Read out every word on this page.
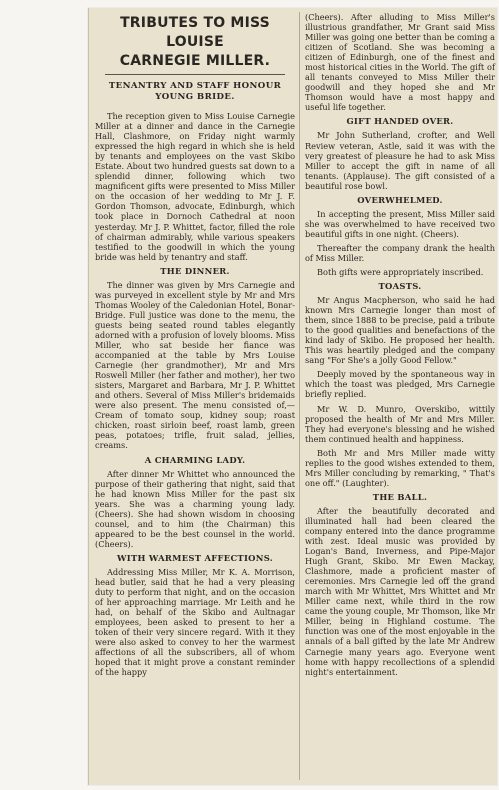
TRIBUTES TO MISS LOUISE
CARNEGIE MILLER.
TENANTRY AND STAFF HONOUR YOUNG BRIDE.

The reception given to Miss Louise Carnegie Miller at a dinner and dance in the Carnegie Hall, Clashmore, on Friday night warmly expressed the high regard in which she is held by tenants and employees on the vast Skibo Estate. About two hundred guests sat down to a splendid dinner, following which two magnificent gifts were presented to Miss Miller on the occasion of her wedding to Mr J. F. Gordon Thomson, advocate, Edinburgh, which took place in Dornoch Cathedral at noon yesterday. Mr J. P. Whittet, factor, filled the role of chairman admirably, while various speakers testified to the goodwill in which the young bride was held by tenantry and staff.

THE DINNER.

The dinner was given by Mrs Carnegie and was purveyed in excellent style by Mr and Mrs Thomas Wooley of the Caledonian Hotel, Bonar-Bridge. Full justice was done to the menu, the guests being seated round tables elegantly adorned with a profusion of lovely blooms. Miss Miller, who sat beside her fiance was accompanied at the table by Mrs Louise Carnegie (her grandmother), Mr and Mrs Roswell Miller (her father and mother), her two sisters, Margaret and Barbara, Mr J. P. Whittet and others. Several of Miss Miller's bridemaids were also present. The menu consisted of,—Cream of tomato soup, kidney soup; roast chicken, roast sirloin beef, roast lamb, green peas, potatoes; trifle, fruit salad, jellies, creams.

A CHARMING LADY.

After dinner Mr Whittet who announced the purpose of their gathering that night, said that he had known Miss Miller for the past six years. She was a charming young lady. (Cheers). She had shown wisdom in choosing counsel, and to him (the Chairman) this appeared to be the best counsel in the world. (Cheers).

WITH WARMEST AFFECTIONS.

Addressing Miss Miller, Mr K. A. Morrison, head butler, said that he had a very pleasing duty to perform that night, and on the occasion of her approaching marriage. Mr Leith and he had, on behalf of the Skibo and Aultnagar employees, been asked to present to her a token of their very sincere regard. With it they were also asked to convey to her the warmest affections of all the subscribers, all of whom hoped that it might prove a constant reminder of the happy

(Cheers). After alluding to Miss Miller's illustrious grandfather, Mr Grant said Miss Miller was going one better than be coming a citizen of Scotland. She was becoming a citizen of Edinburgh, one of the finest and most historical cities in the World. The gift of all tenants conveyed to Miss Miller their goodwill and they hoped she and Mr Thomson would have a most happy and useful life together.

GIFT HANDED OVER.

Mr John Sutherland, crofter, and Well Review veteran, Astle, said it was with the very greatest of pleasure he had to ask Miss Miller to accept the gift in name of all tenants. (Applause). The gift consisted of a beautiful rose bowl.

OVERWHELMED.

In accepting the present, Miss Miller said she was overwhelmed to have received two beautiful gifts in one night. (Cheers).

Thereafter the company drank the health of Miss Miller.

Both gifts were appropriately inscribed.

TOASTS.

Mr Angus Macpherson, who said he had known Mrs Carnegie longer than most of them, since 1888 to be precise, paid a tribute to the good qualities and benefactions of the kind lady of Skibo. He proposed her health. This was heartily pledged and the company sang "For She's a jolly Good Fellow."

Deeply moved by the spontaneous way in which the toast was pledged, Mrs Carnegie briefly replied.

Mr W. D. Munro, Overskibo, wittily proposed the health of Mr and Mrs Miller. They had everyone's blessing and he wished them continued health and happiness.

Both Mr and Mrs Miller made witty replies to the good wishes extended to them, Mrs Miller concluding by remarking, " That's one off." (Laughter).

THE BALL.

After the beautifully decorated and illuminated hall had been cleared the company entered into the dance programme with zest. Ideal music was provided by Logan's Band, Inverness, and Pipe-Major Hugh Grant, Skibo. Mr Ewen Mackay, Clashmore, made a proficient master of ceremonies. Mrs Carnegie led off the grand march with Mr Whittet, Mrs Whittet and Mr Miller came next, while third in the row came the young couple, Mr Thomson, like Mr Miller, being in Highland costume. The function was one of the most enjoyable in the annals of a ball gifted by the late Mr Andrew Carnegie many years ago. Everyone went home with happy recollections of a splendid night's entertainment.
